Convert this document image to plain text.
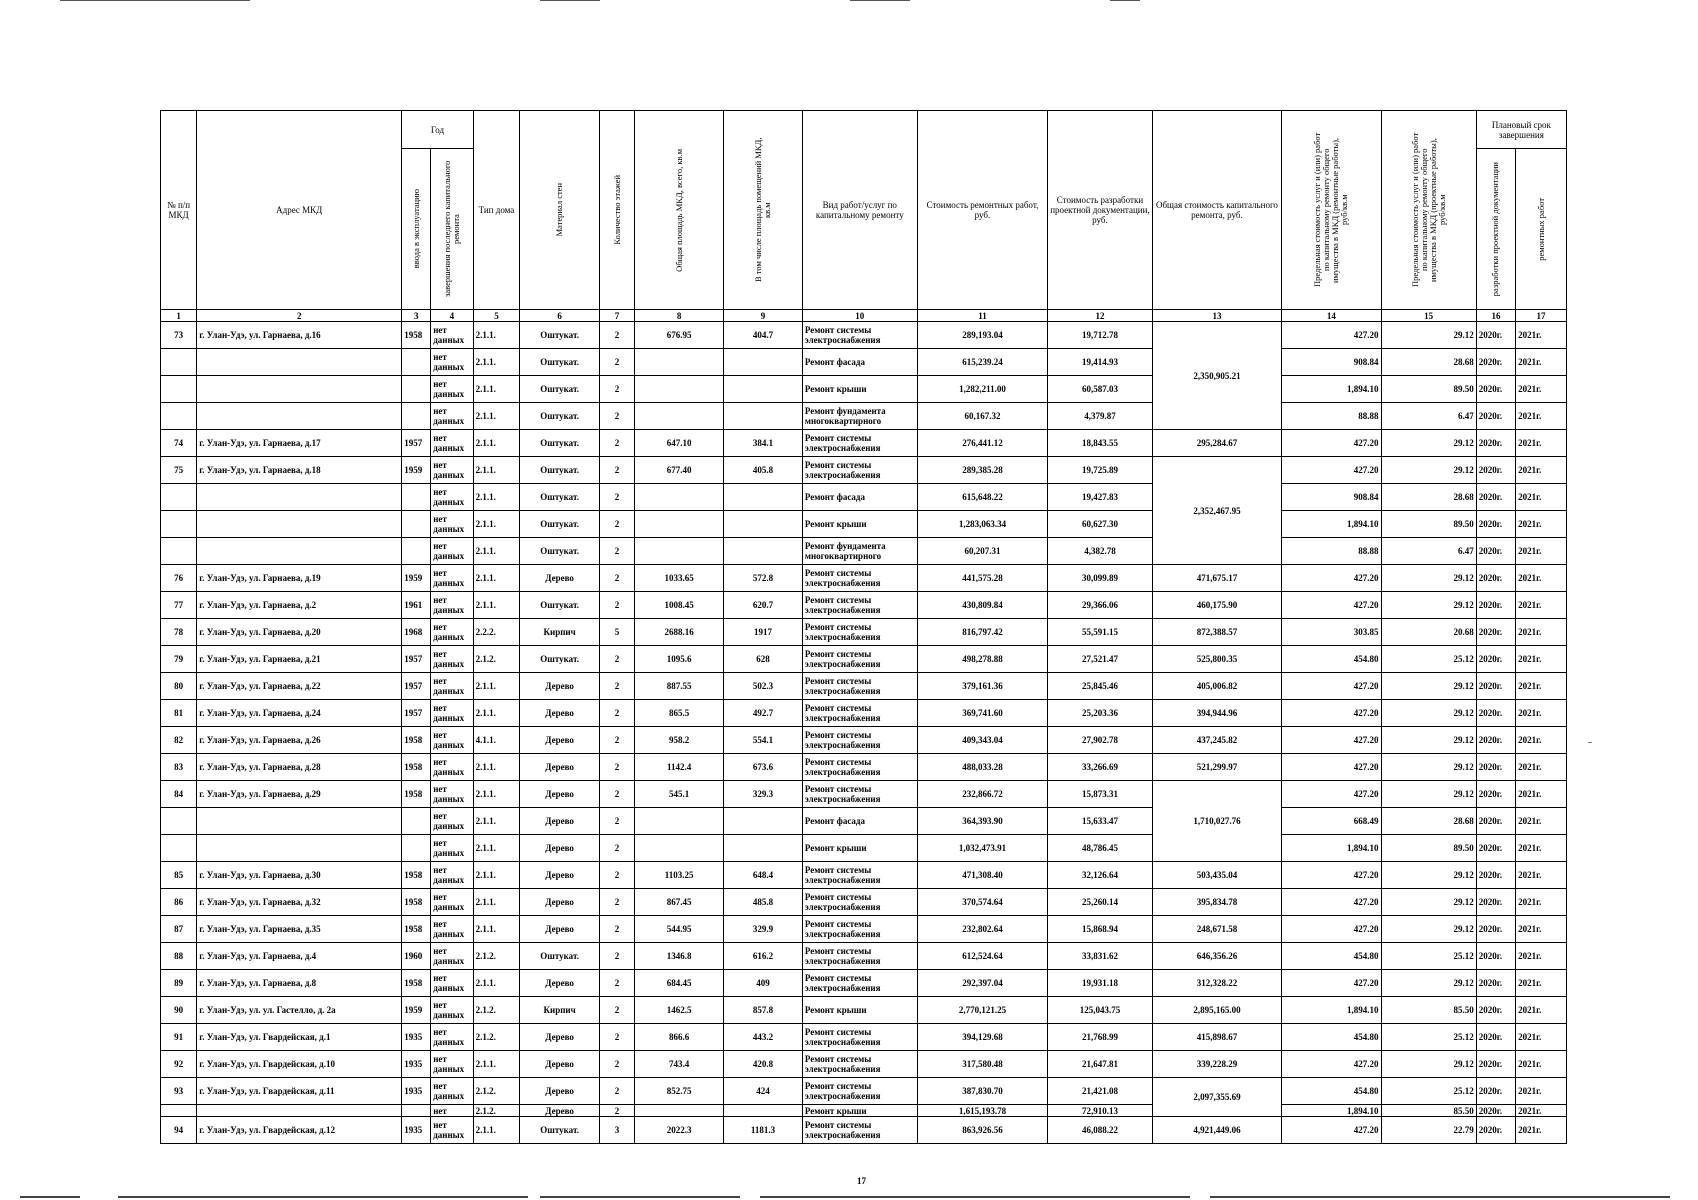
№ п/п МКД	Адрес МКД	Год		Тип дома	Материал стен	Количество этажей	Общая площадь МКД, всего, кв.м	В том числе площадь помещений МКД, кв.м	Вид работ/услуг по капитальному ремонту	Стоимость ремонтных работ, руб.	Стоимость разработки проектной документации, руб.	Общая стоимость капитального ремонта, руб.	Предельная стоимость услуг и (или) работ по капитальному ремонту общего имущества в МКД (ремонтные работы), руб/кв.м	Предельная стоимость услуг и (или) работ по капитальному ремонту общего имущества в МКД (проектные работы), руб/кв.м	Плановый срок завершения	

		ввода в эксплуатацию	завершения последнего капитального ремонта												разработки проектной документации	ремонтных работ

1	2	3	4	5	6	7	8	9	10	11	12	13	14	15	16	17
73	г. Улан-Удэ, ул. Гарнаева, д.16	1958	нет данных	2.1.1.	Оштукат.	2	676.95	404.7	Ремонт системы электроснабжения	289,193.04	19,712.78	2,350,905.21	427.20	29.12	2020г.	2021г.
			нет данных	2.1.1.	Оштукат.	2			Ремонт фасада	615,239.24	19,414.93		908.84	28.68	2020г.	2021г.
			нет данных	2.1.1.	Оштукат.	2			Ремонт крыши	1,282,211.00	60,587.03		1,894.10	89.50	2020г.	2021г.
			нет данных	2.1.1.	Оштукат.	2			Ремонт фундамента многоквартирного	60,167.32	4,379.87		88.88	6.47	2020г.	2021г.
74	г. Улан-Удэ, ул. Гарнаева, д.17	1957	нет данных	2.1.1.	Оштукат.	2	647.10	384.1	Ремонт системы электроснабжения	276,441.12	18,843.55	295,284.67	427.20	29.12	2020г.	2021г.
75	г. Улан-Удэ, ул. Гарнаева, д.18	1959	нет данных	2.1.1.	Оштукат.	2	677.40	405.8	Ремонт системы электроснабжения	289,385.28	19,725.89	2,352,467.95	427.20	29.12	2020г.	2021г.
			нет данных	2.1.1.	Оштукат.	2			Ремонт фасада	615,648.22	19,427.83		908.84	28.68	2020г.	2021г.
			нет данных	2.1.1.	Оштукат.	2			Ремонт крыши	1,283,063.34	60,627.30		1,894.10	89.50	2020г.	2021г.
			нет данных	2.1.1.	Оштукат.	2			Ремонт фундамента многоквартирного	60,207.31	4,382.78		88.88	6.47	2020г.	2021г.
76	г. Улан-Удэ, ул. Гарнаева, д.19	1959	нет данных	2.1.1.	Дерево	2	1033.65	572.8	Ремонт системы электроснабжения	441,575.28	30,099.89	471,675.17	427.20	29.12	2020г.	2021г.
77	г. Улан-Удэ, ул. Гарнаева, д.2	1961	нет данных	2.1.1.	Оштукат.	2	1008.45	620.7	Ремонт системы электроснабжения	430,809.84	29,366.06	460,175.90	427.20	29.12	2020г.	2021г.
78	г. Улан-Удэ, ул. Гарнаева, д.20	1968	нет данных	2.2.2.	Кирпич	5	2688.16	1917	Ремонт системы электроснабжения	816,797.42	55,591.15	872,388.57	303.85	20.68	2020г.	2021г.
79	г. Улан-Удэ, ул. Гарнаева, д.21	1957	нет данных	2.1.2.	Оштукат.	2	1095.6	628	Ремонт системы электроснабжения	498,278.88	27,521.47	525,800.35	454.80	25.12	2020г.	2021г.
80	г. Улан-Удэ, ул. Гарнаева, д.22	1957	нет данных	2.1.1.	Дерево	2	887.55	502.3	Ремонт системы электроснабжения	379,161.36	25,845.46	405,006.82	427.20	29.12	2020г.	2021г.
81	г. Улан-Удэ, ул. Гарнаева, д.24	1957	нет данных	2.1.1.	Дерево	2	865.5	492.7	Ремонт системы электроснабжения	369,741.60	25,203.36	394,944.96	427.20	29.12	2020г.	2021г.
82	г. Улан-Удэ, ул. Гарнаева, д.26	1958	нет данных	4.1.1.	Дерево	2	958.2	554.1	Ремонт системы электроснабжения	409,343.04	27,902.78	437,245.82	427.20	29.12	2020г.	2021г.
83	г. Улан-Удэ, ул. Гарнаева, д.28	1958	нет данных	2.1.1.	Дерево	2	1142.4	673.6	Ремонт системы электроснабжения	488,033.28	33,266.69	521,299.97	427.20	29.12	2020г.	2021г.
84	г. Улан-Удэ, ул. Гарнаева, д.29	1958	нет данных	2.1.1.	Дерево	2	545.1	329.3	Ремонт системы электроснабжения	232,866.72	15,873.31	1,710,027.76	427.20	29.12	2020г.	2021г.
			нет данных	2.1.1.	Дерево	2			Ремонт фасада	364,393.90	15,633.47		668.49	28.68	2020г.	2021г.
			нет данных	2.1.1.	Дерево	2			Ремонт крыши	1,032,473.91	48,786.45		1,894.10	89.50	2020г.	2021г.
85	г. Улан-Удэ, ул. Гарнаева, д.30	1958	нет данных	2.1.1.	Дерево	2	1103.25	648.4	Ремонт системы электроснабжения	471,308.40	32,126.64	503,435.04	427.20	29.12	2020г.	2021г.
86	г. Улан-Удэ, ул. Гарнаева, д.32	1958	нет данных	2.1.1.	Дерево	2	867.45	485.8	Ремонт системы электроснабжения	370,574.64	25,260.14	395,834.78	427.20	29.12	2020г.	2021г.
87	г. Улан-Удэ, ул. Гарнаева, д.35	1958	нет данных	2.1.1.	Дерево	2	544.95	329.9	Ремонт системы электроснабжения	232,802.64	15,868.94	248,671.58	427.20	29.12	2020г.	2021г.
88	г. Улан-Удэ, ул. Гарнаева, д.4	1960	нет данных	2.1.2.	Оштукат.	2	1346.8	616.2	Ремонт системы электроснабжения	612,524.64	33,831.62	646,356.26	454.80	25.12	2020г.	2021г.
89	г. Улан-Удэ, ул. Гарнаева, д.8	1958	нет данных	2.1.1.	Дерево	2	684.45	409	Ремонт системы электроснабжения	292,397.04	19,931.18	312,328.22	427.20	29.12	2020г.	2021г.
90	г. Улан-Удэ, ул. ул. Гастелло, д. 2а	1959	нет данных	2.1.2.	Кирпич	2	1462.5	857.8	Ремонт крыши	2,770,121.25	125,043.75	2,895,165.00	1,894.10	85.50	2020г.	2021г.
91	г. Улан-Удэ, ул. Гвардейская, д.1	1935	нет данных	2.1.2.	Дерево	2	866.6	443.2	Ремонт системы электроснабжения	394,129.68	21,768.99	415,898.67	454.80	25.12	2020г.	2021г.
92	г. Улан-Удэ, ул. Гвардейская, д.10	1935	нет данных	2.1.1.	Дерево	2	743.4	420.8	Ремонт системы электроснабжения	317,580.48	21,647.81	339,228.29	427.20	29.12	2020г.	2021г.
93	г. Улан-Удэ, ул. Гвардейская, д.11	1935	нет данных	2.1.2.	Дерево	2	852.75	424	Ремонт системы электроснабжения	387,830.70	21,421.08	2,097,355.69	454.80	25.12	2020г.	2021г.
			нет	2.1.2.	Дерево	2			Ремонт крыши	1,615,193.78	72,910.13		1,894.10	85.50	2020г.	2021г.
94	г. Улан-Удэ, ул. Гвардейская, д.12	1935	нет данных	2.1.1.	Оштукат.	3	2022.3	1181.3	Ремонт системы электроснабжения	863,926.56	46,088.22	4,921,449.06	427.20	22.79	2020г.	2021г.
17
